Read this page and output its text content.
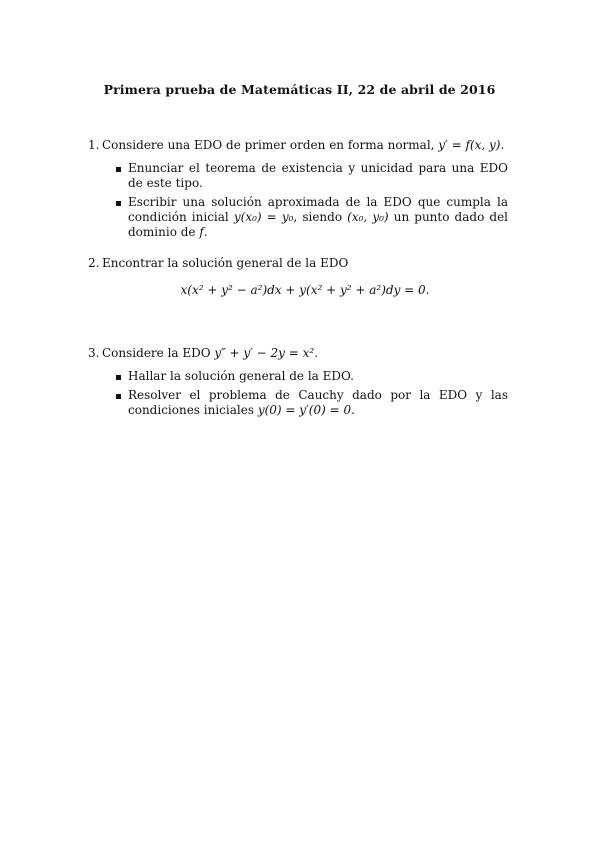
Primera prueba de Matemáticas II, 22 de abril de 2016
1. Considere una EDO de primer orden en forma normal, y′ = f(x, y).
Enunciar el teorema de existencia y unicidad para una EDO de este tipo.
Escribir una solución aproximada de la EDO que cumpla la condición inicial y(x₀) = y₀, siendo (x₀, y₀) un punto dado del dominio de f.
2. Encontrar la solución general de la EDO
x(x² + y² − a²)dx + y(x² + y² + a²)dy = 0.
3. Considere la EDO y″ + y′ − 2y = x².
Hallar la solución general de la EDO.
Resolver el problema de Cauchy dado por la EDO y las condiciones iniciales y(0) = y′(0) = 0.
